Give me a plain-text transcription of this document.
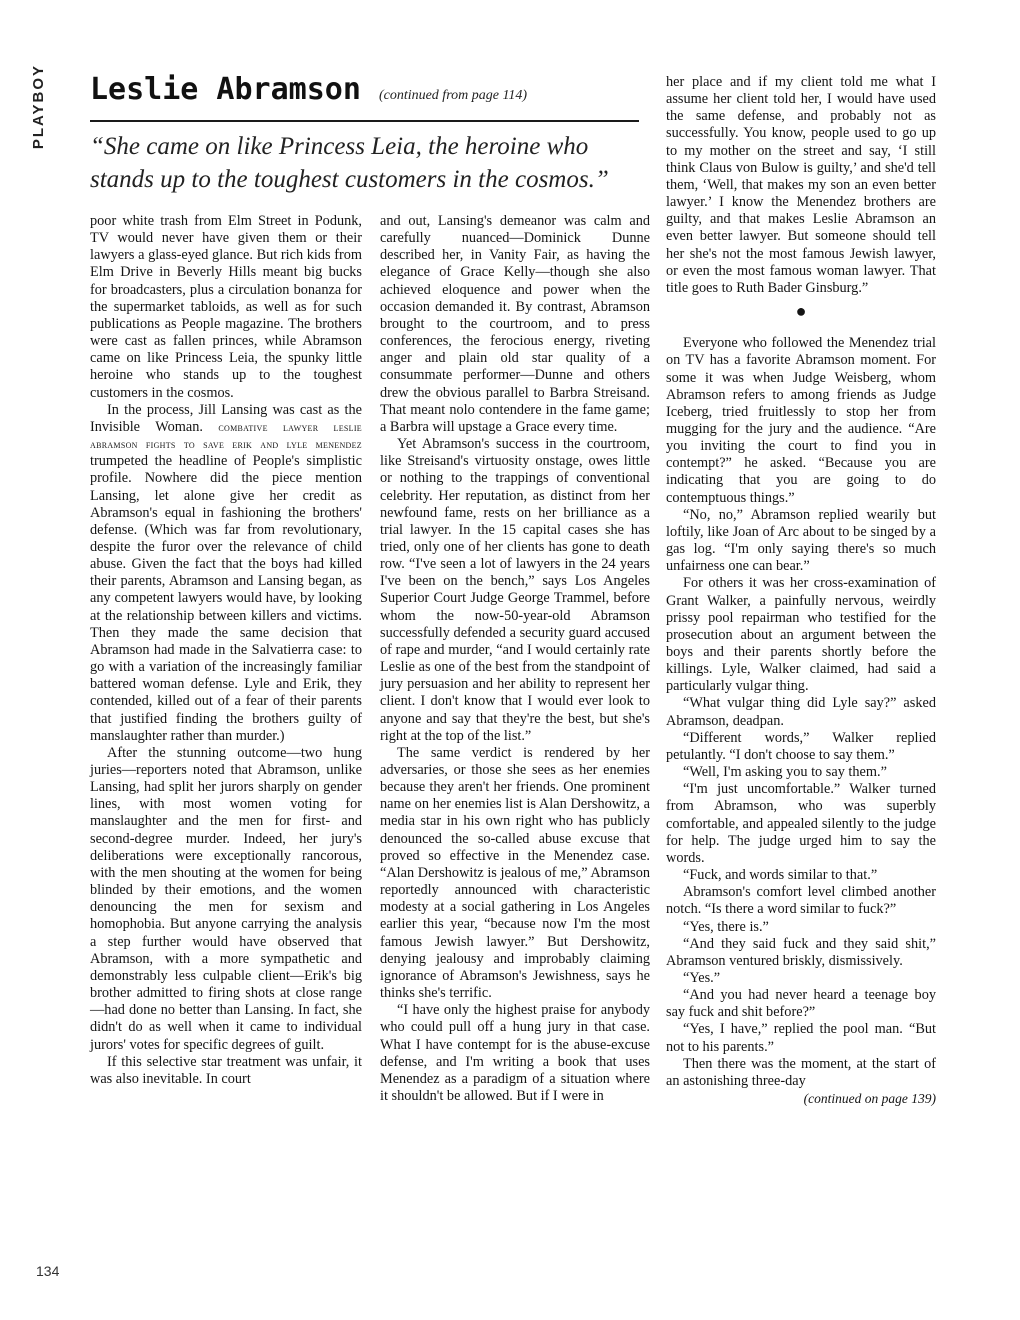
PLAYBOY Leslie Abramson (continued from page 114)
“She came on like Princess Leia, the heroine who stands up to the toughest customers in the cosmos.”

poor white trash from Elm Street in Podunk, TV would never have given them or their lawyers a glass-eyed glance. But rich kids from Elm Drive in Beverly Hills meant big bucks for broadcasters, plus a circulation bonanza for the supermarket tabloids, as well as for such publications as People magazine. The brothers were cast as fallen princes, while Abramson came on like Princess Leia, the spunky little heroine who stands up to the toughest customers in the cosmos.

In the process, Jill Lansing was cast as the Invisible Woman. combative lawyer leslie abramson fights to save erik and lyle menendez trumpeted the headline of People's simplistic profile. Nowhere did the piece mention Lansing, let alone give her credit as Abramson's equal in fashioning the brothers' defense. (Which was far from revolutionary, despite the furor over the relevance of child abuse. Given the fact that the boys had killed their parents, Abramson and Lansing began, as any competent lawyers would have, by looking at the relationship between killers and victims. Then they made the same decision that Abramson had made in the Salvatierra case: to go with a variation of the increasingly familiar battered woman defense. Lyle and Erik, they contended, killed out of a fear of their parents that justified finding the brothers guilty of manslaughter rather than murder.)

After the stunning outcome—two hung juries—reporters noted that Abramson, unlike Lansing, had split her jurors sharply on gender lines, with most women voting for manslaughter and the men for first- and second-degree murder. Indeed, her jury's deliberations were exceptionally rancorous, with the men shouting at the women for being blinded by their emotions, and the women denouncing the men for sexism and homophobia. But anyone carrying the analysis a step further would have observed that Abramson, with a more sympathetic and demonstrably less culpable client—Erik's big brother admitted to firing shots at close range—had done no better than Lansing. In fact, she didn't do as well when it came to individual jurors' votes for specific degrees of guilt.

If this selective star treatment was unfair, it was also inevitable. In court

and out, Lansing's demeanor was calm and carefully nuanced—Dominick Dunne described her, in Vanity Fair, as having the elegance of Grace Kelly—though she also achieved eloquence and power when the occasion demanded it. By contrast, Abramson brought to the courtroom, and to press conferences, the ferocious energy, riveting anger and plain old star quality of a consummate performer—Dunne and others drew the obvious parallel to Barbra Streisand. That meant nolo contendere in the fame game; a Barbra will upstage a Grace every time.

Yet Abramson's success in the courtroom, like Streisand's virtuosity onstage, owes little or nothing to the trappings of conventional celebrity. Her reputation, as distinct from her newfound fame, rests on her brilliance as a trial lawyer. In the 15 capital cases she has tried, only one of her clients has gone to death row. “I've seen a lot of lawyers in the 24 years I've been on the bench,” says Los Angeles Superior Court Judge George Trammel, before whom the now-50-year-old Abramson successfully defended a security guard accused of rape and murder, “and I would certainly rate Leslie as one of the best from the standpoint of jury persuasion and her ability to represent her client. I don't know that I would ever look to anyone and say that they're the best, but she's right at the top of the list.”

The same verdict is rendered by her adversaries, or those she sees as her enemies because they aren't her friends. One prominent name on her enemies list is Alan Dershowitz, a media star in his own right who has publicly denounced the so-called abuse excuse that proved so effective in the Menendez case. “Alan Dershowitz is jealous of me,” Abramson reportedly announced with characteristic modesty at a social gathering in Los Angeles earlier this year, “because now I'm the most famous Jewish lawyer.” But Dershowitz, denying jealousy and improbably claiming ignorance of Abramson's Jewishness, says he thinks she's terrific.

“I have only the highest praise for anybody who could pull off a hung jury in that case. What I have contempt for is the abuse-excuse defense, and I'm writing a book that uses Menendez as a paradigm of a situation where it shouldn't be allowed. But if I were in

her place and if my client told me what I assume her client told her, I would have used the same defense, and probably not as successfully. You know, people used to go up to my mother on the street and say, ‘I still think Claus von Bulow is guilty,’ and she'd tell them, ‘Well, that makes my son an even better lawyer.’ I know the Menendez brothers are guilty, and that makes Leslie Abramson an even better lawyer. But someone should tell her she's not the most famous Jewish lawyer, or even the most famous woman lawyer. That title goes to Ruth Bader Ginsburg.”

●

Everyone who followed the Menendez trial on TV has a favorite Abramson moment. For some it was when Judge Weisberg, whom Abramson refers to among friends as Judge Iceberg, tried fruitlessly to stop her from mugging for the jury and the audience. “Are you inviting the court to find you in contempt?” he asked. “Because you are indicating that you are going to do contemptuous things.”

“No, no,” Abramson replied wearily but loftily, like Joan of Arc about to be singed by a gas log. “I'm only saying there's so much unfairness one can bear.”

For others it was her cross-examination of Grant Walker, a painfully nervous, weirdly prissy pool repairman who testified for the prosecution about an argument between the boys and their parents shortly before the killings. Lyle, Walker claimed, had said a particularly vulgar thing.

“What vulgar thing did Lyle say?” asked Abramson, deadpan.

“Different words,” Walker replied petulantly. “I don't choose to say them.”

“Well, I'm asking you to say them.”

“I'm just uncomfortable.” Walker turned from Abramson, who was superbly comfortable, and appealed silently to the judge for help. The judge urged him to say the words.

“Fuck, and words similar to that.”

Abramson's comfort level climbed another notch. “Is there a word similar to fuck?”

“Yes, there is.”

“And they said fuck and they said shit,” Abramson ventured briskly, dismissively.

“Yes.”

“And you had never heard a teenage boy say fuck and shit before?”

“Yes, I have,” replied the pool man. “But not to his parents.”

Then there was the moment, at the start of an astonishing three-day

(continued on page 139)
134
